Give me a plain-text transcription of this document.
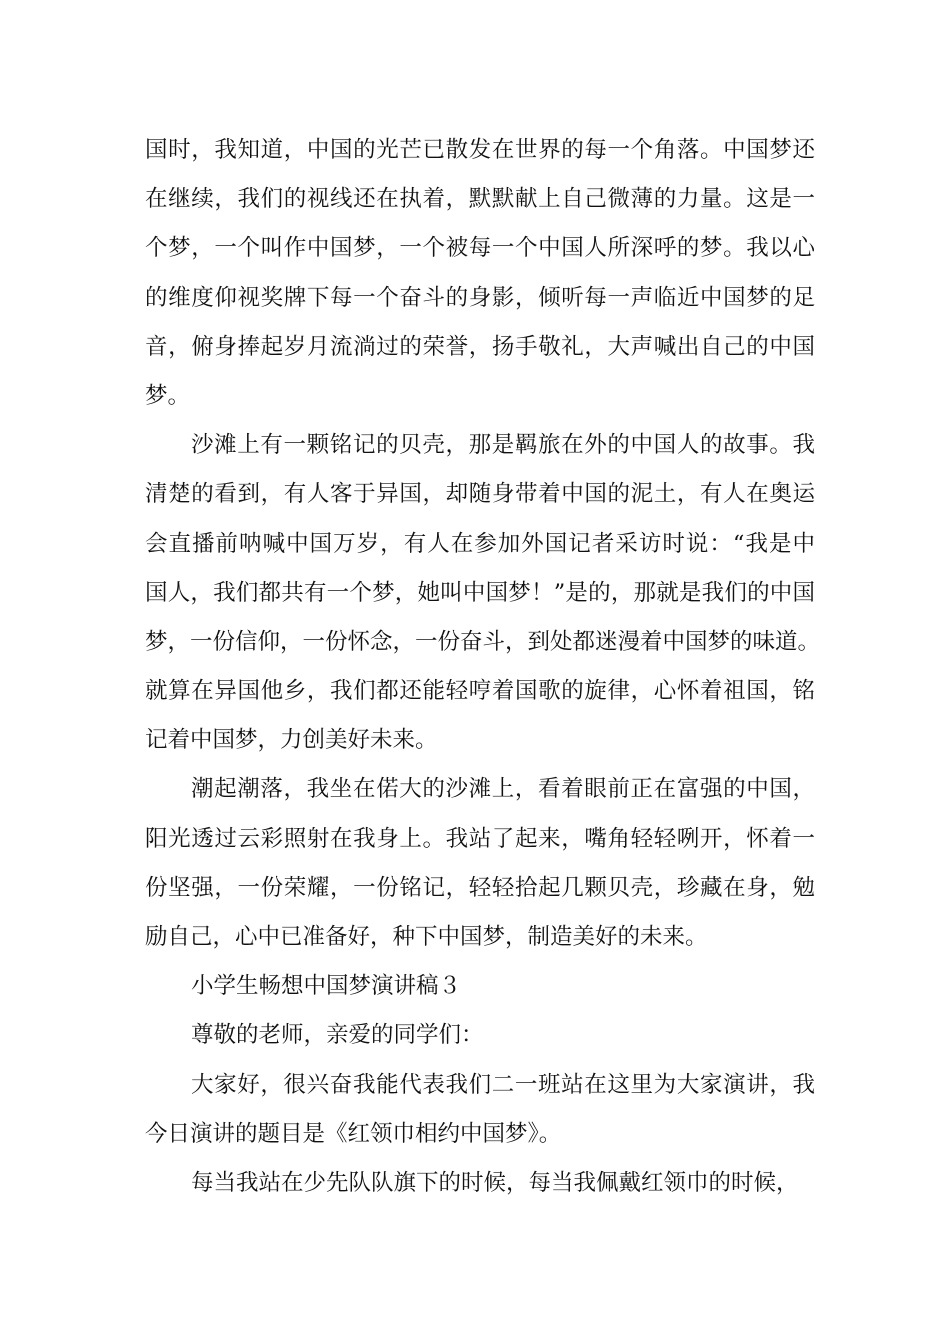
国时，我知道，中国的光芒已散发在世界的每一个角落。中国梦还
在继续，我们的视线还在执着，默默献上自己微薄的力量。这是一
个梦，一个叫作中国梦，一个被每一个中国人所深呼的梦。我以心
的维度仰视奖牌下每一个奋斗的身影，倾听每一声临近中国梦的足
音，俯身捧起岁月流淌过的荣誉，扬手敬礼，大声喊出自己的中国
梦。
沙滩上有一颗铭记的贝壳，那是羁旅在外的中国人的故事。我
清楚的看到，有人客于异国，却随身带着中国的泥土，有人在奥运
会直播前呐喊中国万岁，有人在参加外国记者采访时说：“我是中
国人，我们都共有一个梦，她叫中国梦！”是的，那就是我们的中国
梦，一份信仰，一份怀念，一份奋斗，到处都迷漫着中国梦的味道。
就算在异国他乡，我们都还能轻哼着国歌的旋律，心怀着祖国，铭
记着中国梦，力创美好未来。
潮起潮落，我坐在偌大的沙滩上，看着眼前正在富强的中国，
阳光透过云彩照射在我身上。我站了起来，嘴角轻轻咧开，怀着一
份坚强，一份荣耀，一份铭记，轻轻拾起几颗贝壳，珍藏在身，勉
励自己，心中已准备好，种下中国梦，制造美好的未来。
小学生畅想中国梦演讲稿３
尊敬的老师，亲爱的同学们：
大家好，很兴奋我能代表我们二一班站在这里为大家演讲，我
今日演讲的题目是《红领巾相约中国梦》。
每当我站在少先队队旗下的时候，每当我佩戴红领巾的时候，
